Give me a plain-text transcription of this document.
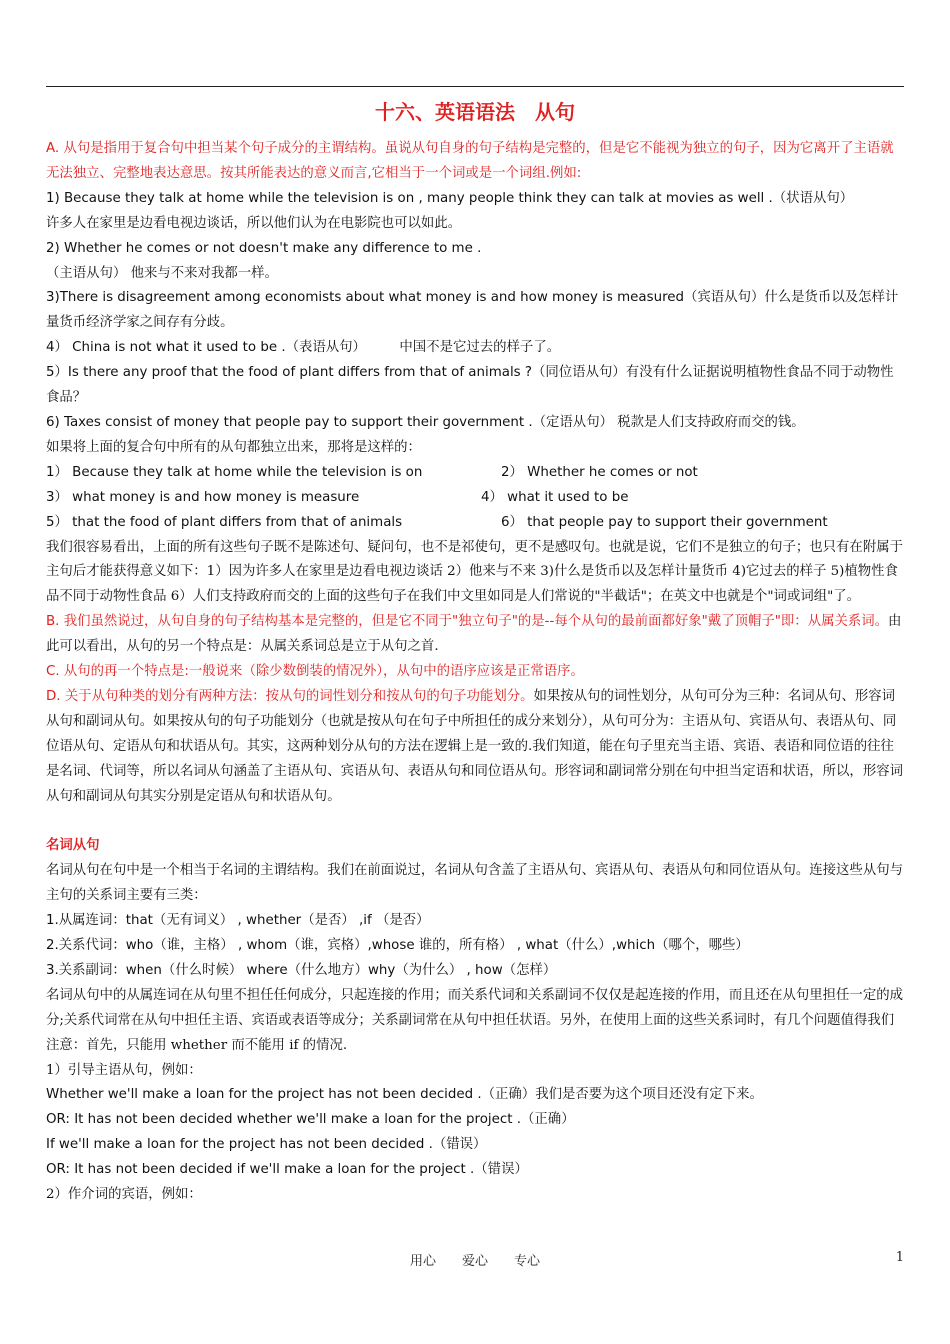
十六、英语语法　从句

A. 从句是指用于复合句中担当某个句子成分的主谓结构。虽说从句自身的句子结构是完整的，但是它不能视为独立的句子，因为它离开了主语就无法独立、完整地表达意思。按其所能表达的意义而言,它相当于一个词或是一个词组.例如:

1) Because they talk at home while the television is on , many people think they can talk at movies as well .（状语从句）

许多人在家里是边看电视边谈话，所以他们认为在电影院也可以如此。

2) Whether he comes or not doesn't make any difference to me .

（主语从句） 他来与不来对我都一样。

3)There is disagreement among economists about what money is and how money is measured（宾语从句）什么是货币以及怎样计量货币经济学家之间存有分歧。

4） China is not what it used to be .（表语从句）　　　中国不是它过去的样子了。

5）Is there any proof that the food of plant differs from that of animals ?（同位语从句）有没有什么证据说明植物性食品不同于动物性食品？

6) Taxes consist of money that people pay to support their government .（定语从句） 税款是人们支持政府而交的钱。

如果将上面的复合句中所有的从句都独立出来，那将是这样的：

1） Because they talk at home while the television is on	2） Whether he comes or not
3） what money is and how money is measure	4） what it used to be
5） that the food of plant differs from that of animals	6） that people pay to support their government

我们很容易看出，上面的所有这些句子既不是陈述句、疑问句，也不是祁使句，更不是感叹句。也就是说，它们不是独立的句子；也只有在附属于主句后才能获得意义如下：1）因为许多人在家里是边看电视边谈话 2）他来与不来 3)什么是货币以及怎样计量货币 4)它过去的样子 5)植物性食品不同于动物性食品 6）人们支持政府而交的上面的这些句子在我们中文里如同是人们常说的"半截话"；在英文中也就是个"词或词组"了。

B. 我们虽然说过，从句自身的句子结构基本是完整的，但是它不同于"独立句子"的是--每个从句的最前面都好象"戴了顶帽子"即：从属关系词。由此可以看出，从句的另一个特点是：从属关系词总是立于从句之首.

C. 从句的再一个特点是:一般说来（除少数倒装的情况外），从句中的语序应该是正常语序。

D. 关于从句种类的划分有两种方法：按从句的词性划分和按从句的句子功能划分。如果按从句的词性划分，从句可分为三种：名词从句、形容词从句和副词从句。如果按从句的句子功能划分（也就是按从句在句子中所担任的成分来划分），从句可分为：主语从句、宾语从句、表语从句、同位语从句、定语从句和状语从句。其实，这两种划分从句的方法在逻辑上是一致的.我们知道，能在句子里充当主语、宾语、表语和同位语的往往是名词、代词等，所以名词从句涵盖了主语从句、宾语从句、表语从句和同位语从句。形容词和副词常分别在句中担当定语和状语，所以，形容词从句和副词从句其实分别是定语从句和状语从句。

名词从句

名词从句在句中是一个相当于名词的主谓结构。我们在前面说过，名词从句含盖了主语从句、宾语从句、表语从句和同位语从句。连接这些从句与主句的关系词主要有三类：

1.从属连词：that（无有词义） , whether（是否） ,if （是否）

2.关系代词：who（谁，主格） , whom（谁，宾格）,whose 谁的，所有格） , what（什么）,which（哪个，哪些）

3.关系副词：when（什么时候） where（什么地方）why（为什么） , how（怎样）

名词从句中的从属连词在从句里不担任任何成分，只起连接的作用；而关系代词和关系副词不仅仅是起连接的作用，而且还在从句里担任一定的成分;关系代词常在从句中担任主语、宾语或表语等成分；关系副词常在从句中担任状语。另外，在使用上面的这些关系词时，有几个问题值得我们注意：首先，只能用 whether 而不能用 if 的情况.

1）引导主语从句，例如：

Whether we'll make a loan for the project has not been decided .（正确）我们是否要为这个项目还没有定下来。

OR: It has not been decided whether we'll make a loan for the project .（正确）

If we'll make a loan for the project has not been decided .（错误）

OR: It has not been decided if we'll make a loan for the project .（错误）

2）作介词的宾语，例如：

用心　　爱心　　专心	1
